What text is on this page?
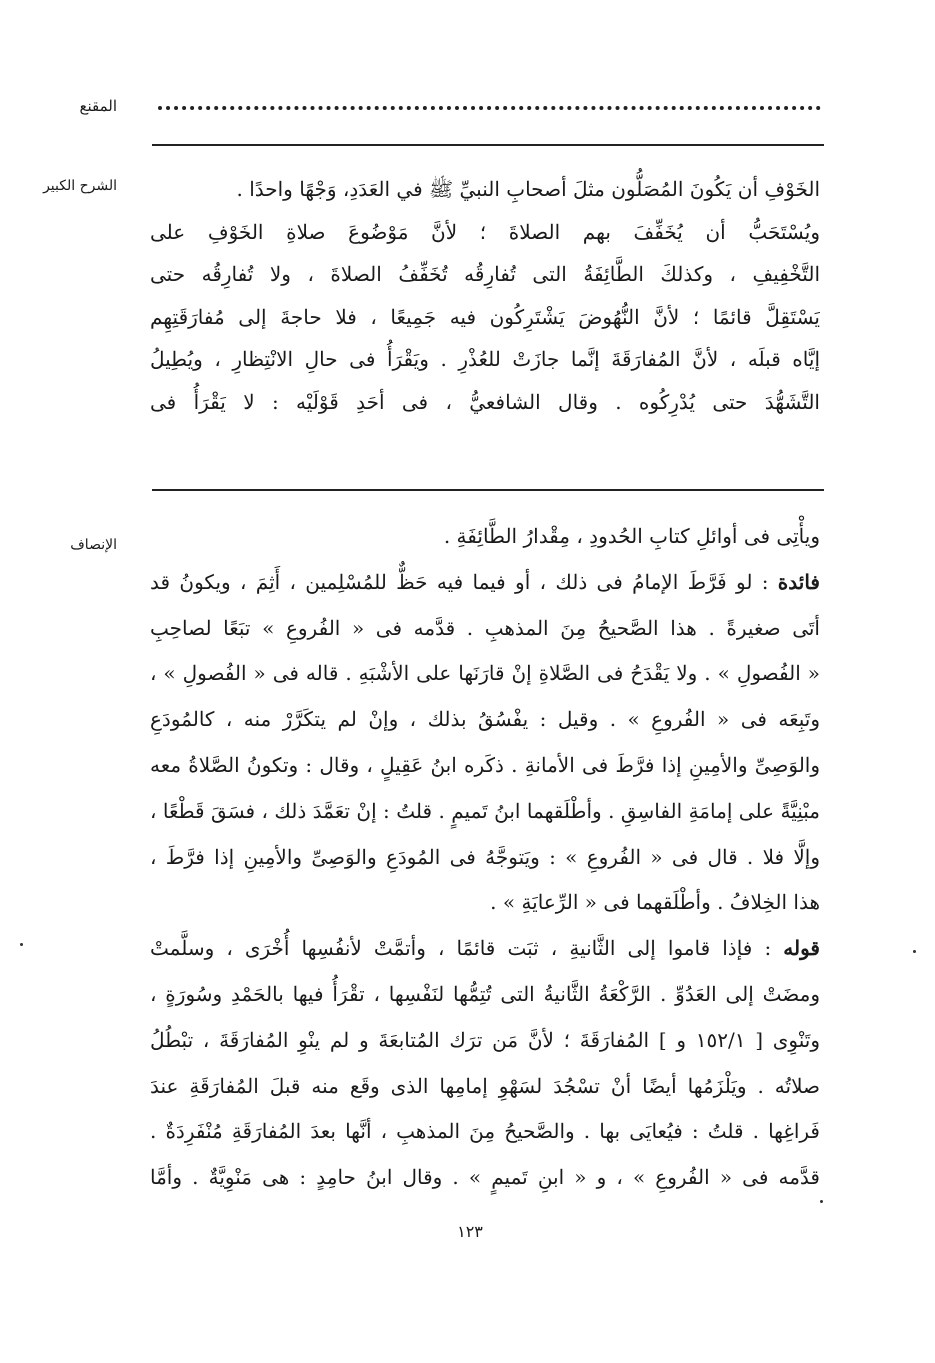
المقنع
الشرح الكبير	الخَوْفِ أن يَكُونَ المُصَلُّون مثلَ أصحابِ النبيِّ ﷺ في العَدَدِ، وَجْهًا واحدًا .
ويُسْتَحَبُّ أن يُخَفِّفَ بهم الصلاةَ ؛ لأنَّ مَوْضُوعَ صلاةِ الخَوْفِ على
التَّخْفِيفِ ، وكذلكَ الطَّائِفَةُ التى تُفارِقُه تُخَفِّفُ الصلاةَ ، ولا تُفارِقُه حتى
يَسْتَقِلَّ قائمًا ؛ لأنَّ النُّهُوضَ يَشْتَرِكُون فيه جَمِيعًا ، فلا حاجةَ إلى مُفارَقَتِهِم
إيَّاه قبلَه ، لأنَّ المُفارَقَةَ إنَّما جازَتْ للعُذْرِ . ويَقْرَأُ فى حالِ الانْتِظارِ ، ويُطِيلُ
التَّشَهُّدَ حتى يُدْرِكُوه . وقال الشافعيُّ ، فى أحَدِ قَوْلَيْه : لا يَقْرَأُ فى
الإنصاف	ويأْتِى فى أوائلِ كتابِ الحُدودِ ، مِقْدارُ الطَّائِفَةِ .
فائدة : لو فَرَّطَ الإمامُ فى ذلك ، أو فيما فيه حَظٌّ للمُسْلِمين ، أَثِمَ ، ويكونُ قد
أتَى صغيرةً . هذا الصَّحيحُ مِنَ المذهبِ . قدَّمه فى « الفُروعِ » تبَعًا لصاحِبِ
« الفُصولِ » . ولا يَقْدَحُ فى الصَّلاةِ إنْ قارَنَها على الأشْبَهِ . قاله فى « الفُصولِ » ،
وتَبِعَه فى « الفُروعِ » . وقيل : يفْسُقُ بذلك ، وإنْ لم يتكَرَّرْ منه ، كالمُودَعِ
والوَصِىِّ والأمِينِ إذا فرَّطَ فى الأمانةِ . ذكَره ابنُ عَقِيلٍ ، وقال : وتكونُ الصَّلاةُ معه
مبْنِيَّةً على إمامَةِ الفاسِقِ . وأطْلَقهما ابنُ تَميمٍ . قلتُ : إنْ تعَمَّدَ ذلك ، فسَقَ قَطْعًا ،
وإلَّا فلا . قال فى « الفُروعِ » : ويَتوجَّهُ فى المُودَعِ والوَصِىِّ والأمِينِ إذا فرَّطَ ،
هذا الخِلافُ . وأطْلَقهما فى « الرِّعايَةِ » .
قوله : فإذا قاموا إلى الثَّانيةِ ، ثبَت قائمًا ، وأتمَّتْ لأنفُسِها أُخْرَى ، وسلَّمتْ
ومضَتْ إلى العَدُوِّ . الرَّكْعَةُ الثَّانيةُ التى تُتِمُّها لنَفْسِها ، تقْرَأُ فيها بالحَمْدِ وسُورَةٍ ،
وتَنْوِى [ ١٥٢/١ و ] المُفارَقَةَ ؛ لأنَّ مَن ترَك المُتابعَةَ و لم ينْوِ المُفارَقَةَ ، تبْطُلُ
صلاتُه . ويَلْزَمُها أيضًا أنْ تسْجُدَ لسَهْوِ إمامِها الذى وقَع منه قبلَ المُفارَقَةِ عندَ
فَراغِها . قلتُ : فيُعايَى بها . والصَّحيحُ مِنَ المذهبِ ، أنَّها بعدَ المُفارَقَةِ مُنْفَرِدَةٌ .
قدَّمه فى « الفُروعِ » ، و « ابنِ تَميمٍ » . وقال ابنُ حامِدٍ : هى مَنْوِيَّةٌ . وأمَّا
١٢٣
